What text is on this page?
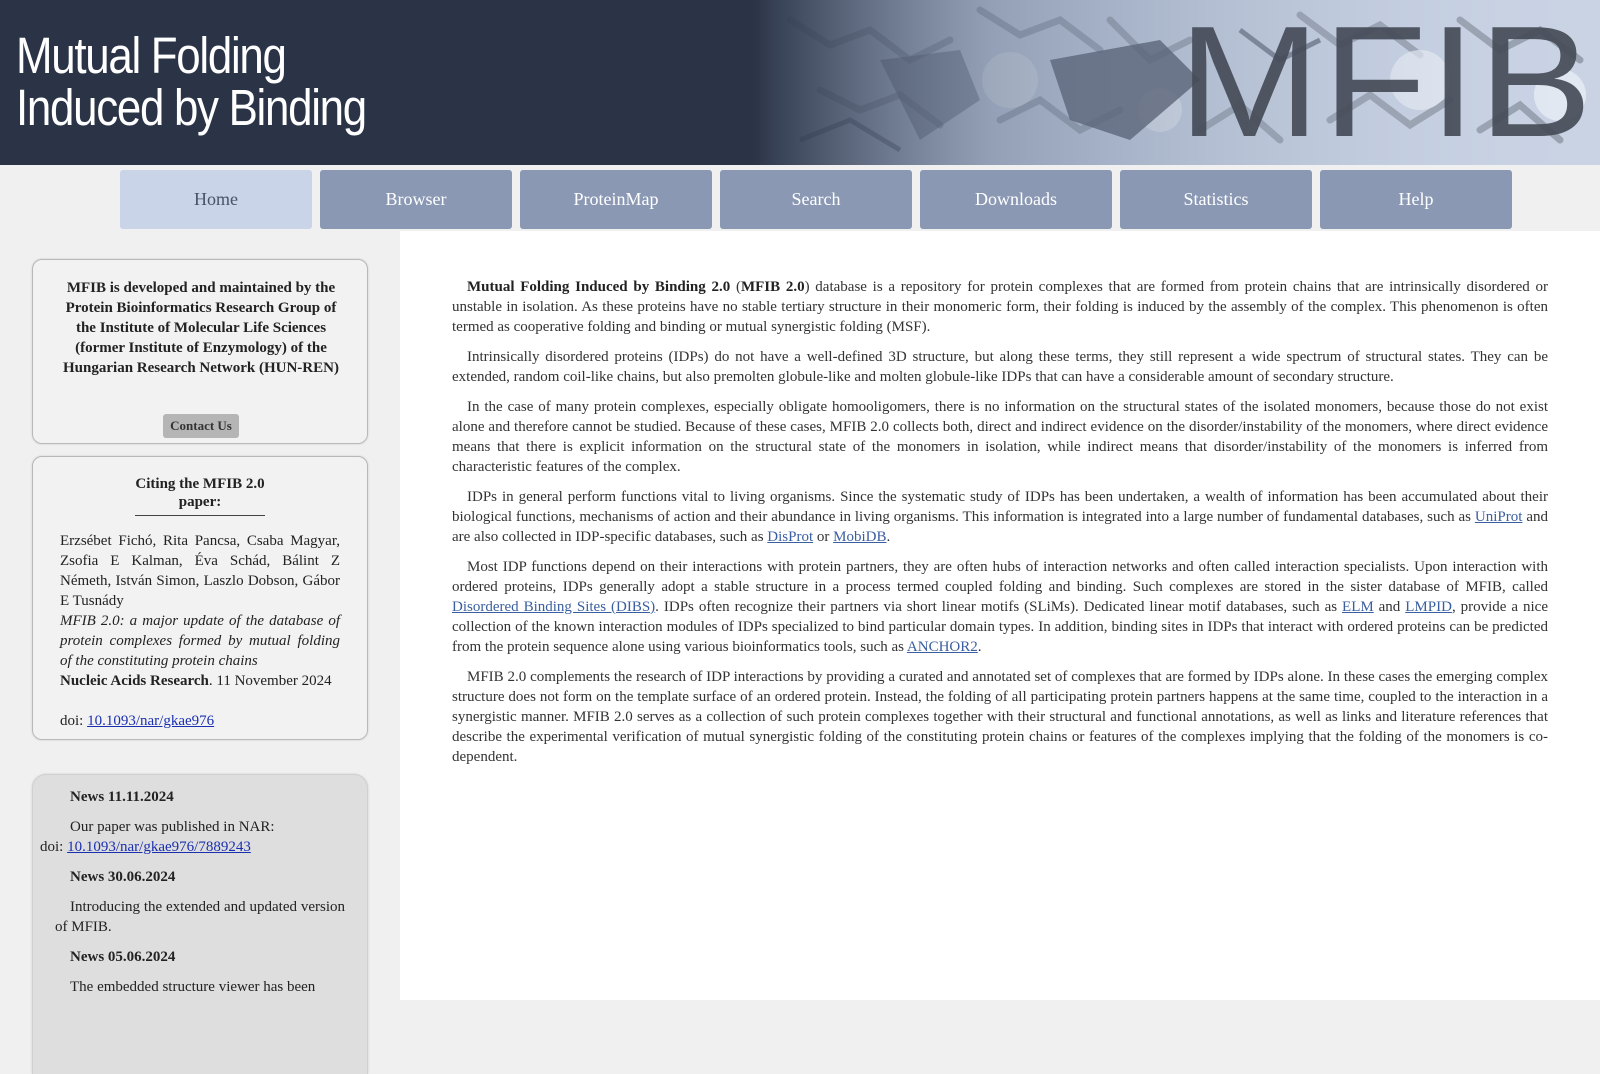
Mutual Folding
Induced by Binding	MFIB
Home	Browser	ProteinMap	Search	Downloads	Statistics	Help
MFIB is developed and maintained by the Protein Bioinformatics Research Group of the Institute of Molecular Life Sciences (former Institute of Enzymology) of the Hungarian Research Network (HUN-REN)
Contact Us
Citing the MFIB 2.0 paper:
Erzsébet Fichó, Rita Pancsa, Csaba Magyar, Zsofia E Kalman, Éva Schád, Bálint Z Németh, István Simon, Laszlo Dobson, Gábor E Tusnády
MFIB 2.0: a major update of the database of protein complexes formed by mutual folding of the constituting protein chains
Nucleic Acids Research. 11 November 2024
doi: 10.1093/nar/gkae976
News 11.11.2024
Our paper was published in NAR:
doi: 10.1093/nar/gkae976/7889243
News 30.06.2024
Introducing the extended and updated version of MFIB.
News 05.06.2024
The embedded structure viewer has been

Mutual Folding Induced by Binding 2.0 (MFIB 2.0) database is a repository for protein complexes that are formed from protein chains that are intrinsically disordered or unstable in isolation. As these proteins have no stable tertiary structure in their monomeric form, their folding is induced by the assembly of the complex. This phenomenon is often termed as cooperative folding and binding or mutual synergistic folding (MSF).

Intrinsically disordered proteins (IDPs) do not have a well-defined 3D structure, but along these terms, they still represent a wide spectrum of structural states. They can be extended, random coil-like chains, but also premolten globule-like and molten globule-like IDPs that can have a considerable amount of secondary structure.

In the case of many protein complexes, especially obligate homooligomers, there is no information on the structural states of the isolated monomers, because those do not exist alone and therefore cannot be studied. Because of these cases, MFIB 2.0 collects both, direct and indirect evidence on the disorder/instability of the monomers, where direct evidence means that there is explicit information on the structural state of the monomers in isolation, while indirect means that disorder/instability of the monomers is inferred from characteristic features of the complex.

IDPs in general perform functions vital to living organisms. Since the systematic study of IDPs has been undertaken, a wealth of information has been accumulated about their biological functions, mechanisms of action and their abundance in living organisms. This information is integrated into a large number of fundamental databases, such as UniProt and are also collected in IDP-specific databases, such as DisProt or MobiDB.

Most IDP functions depend on their interactions with protein partners, they are often hubs of interaction networks and often called interaction specialists. Upon interaction with ordered proteins, IDPs generally adopt a stable structure in a process termed coupled folding and binding. Such complexes are stored in the sister database of MFIB, called Disordered Binding Sites (DIBS). IDPs often recognize their partners via short linear motifs (SLiMs). Dedicated linear motif databases, such as ELM and LMPID, provide a nice collection of the known interaction modules of IDPs specialized to bind particular domain types. In addition, binding sites in IDPs that interact with ordered proteins can be predicted from the protein sequence alone using various bioinformatics tools, such as ANCHOR2.

MFIB 2.0 complements the research of IDP interactions by providing a curated and annotated set of complexes that are formed by IDPs alone. In these cases the emerging complex structure does not form on the template surface of an ordered protein. Instead, the folding of all participating protein partners happens at the same time, coupled to the interaction in a synergistic manner. MFIB 2.0 serves as a collection of such protein complexes together with their structural and functional annotations, as well as links and literature references that describe the experimental verification of mutual synergistic folding of the constituting protein chains or features of the complexes implying that the folding of the monomers is co-dependent.
